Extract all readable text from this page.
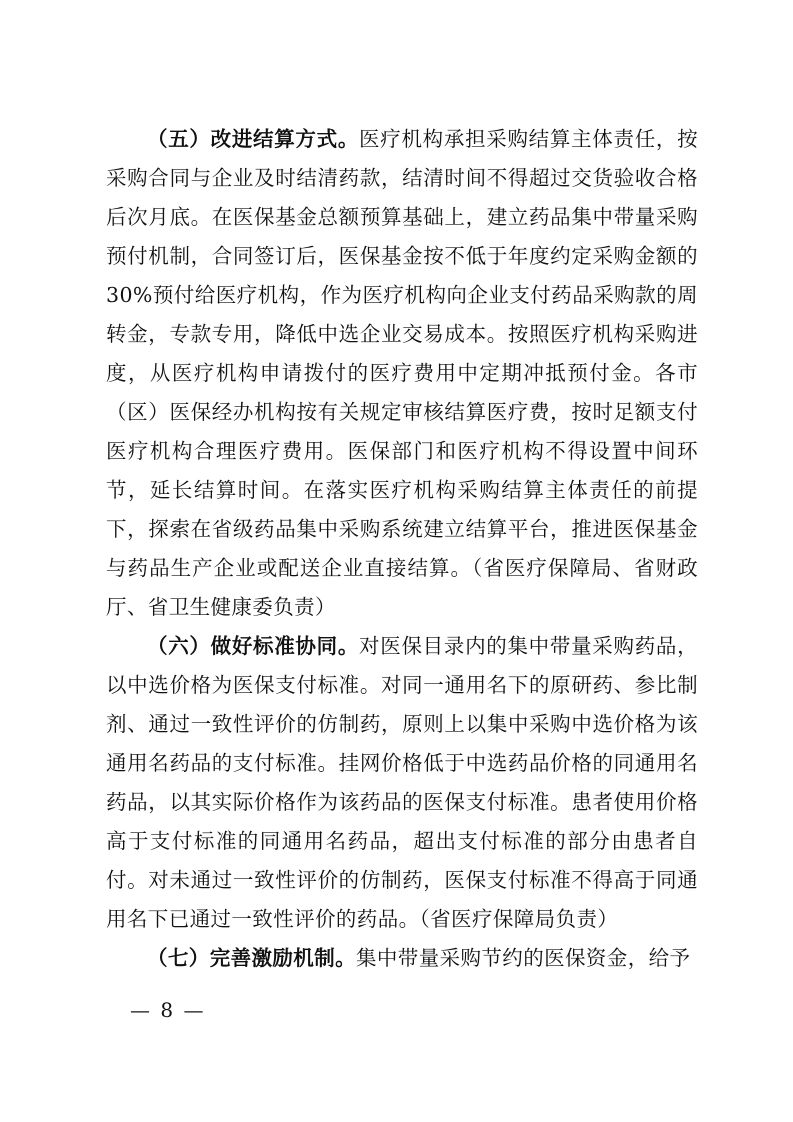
（五）改进结算方式。医疗机构承担采购结算主体责任，按采购合同与企业及时结清药款，结清时间不得超过交货验收合格后次月底。在医保基金总额预算基础上，建立药品集中带量采购预付机制，合同签订后，医保基金按不低于年度约定采购金额的30%预付给医疗机构，作为医疗机构向企业支付药品采购款的周转金，专款专用，降低中选企业交易成本。按照医疗机构采购进度，从医疗机构申请拨付的医疗费用中定期冲抵预付金。各市（区）医保经办机构按有关规定审核结算医疗费，按时足额支付医疗机构合理医疗费用。医保部门和医疗机构不得设置中间环节，延长结算时间。在落实医疗机构采购结算主体责任的前提下，探索在省级药品集中采购系统建立结算平台，推进医保基金与药品生产企业或配送企业直接结算。（省医疗保障局、省财政厅、省卫生健康委负责）

（六）做好标准协同。对医保目录内的集中带量采购药品，以中选价格为医保支付标准。对同一通用名下的原研药、参比制剂、通过一致性评价的仿制药，原则上以集中采购中选价格为该通用名药品的支付标准。挂网价格低于中选药品价格的同通用名药品，以其实际价格作为该药品的医保支付标准。患者使用价格高于支付标准的同通用名药品，超出支付标准的部分由患者自付。对未通过一致性评价的仿制药，医保支付标准不得高于同通用名下已通过一致性评价的药品。（省医疗保障局负责）

（七）完善激励机制。集中带量采购节约的医保资金，给予

— 8 —
